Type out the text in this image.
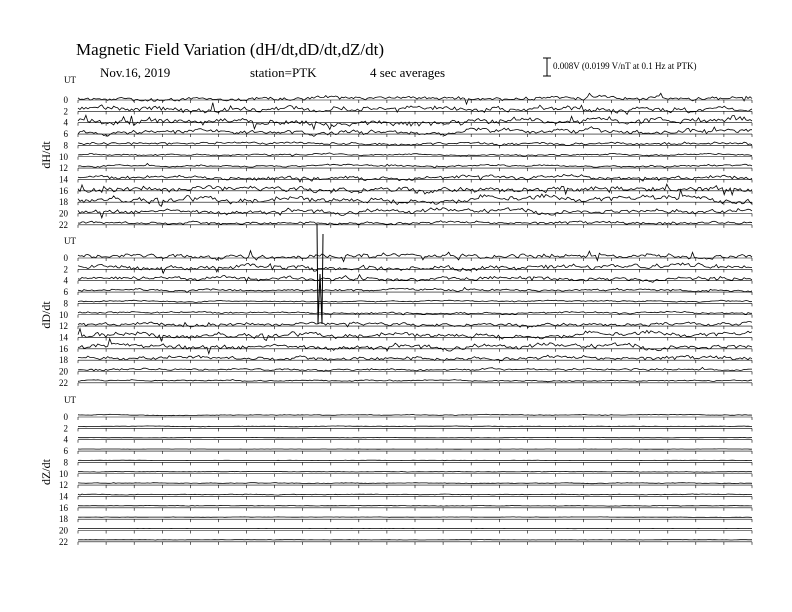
Magnetic Field Variation (dH/dt,dD/dt,dZ/dt)
Nov.16, 2019	station=PTK	4 sec averages	0.008V (0.0199 V/nT at 0.1 Hz at PTK)
UT
dH/dt
0
2
4
6
8
10
12
14
16
18
20
22
UT
dD/dt
0
2
4
6
8
10
12
14
16
18
20
22
UT
dZ/dt
0
2
4
6
8
10
12
14
16
18
20
22
